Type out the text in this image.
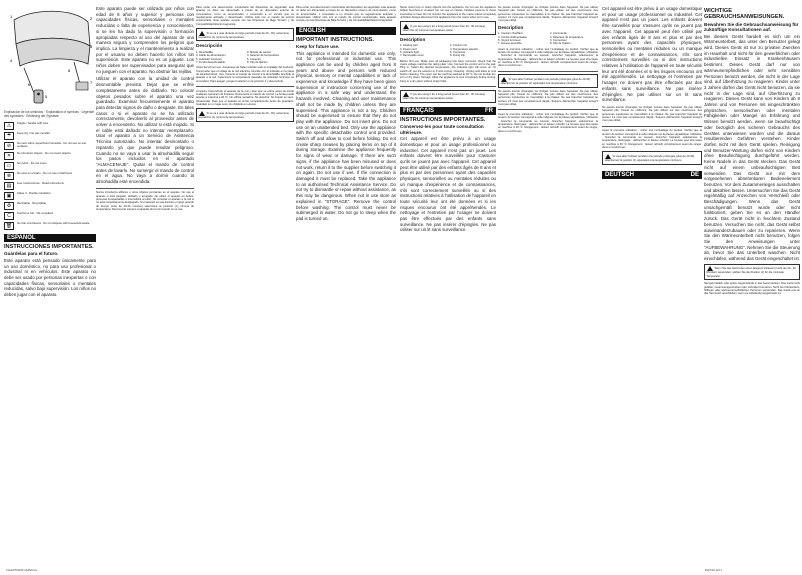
1	2
3
4
5
6	7
8
Explicación de los símbolos · Explanation of symbols · Légende des symboles · Erklärung der Symbole
⚠	Fragile / handle with care
☂	Keep dry / Ne pas mouiller
⊘	No usar sobre superficies húmedas · Do not use on wet surfaces
✕	No introducir objetos · Do not insert objects
▭	No cubrir · Do not cover
⊗	No usar en el baño · Do not use in bathroom
▤	Leer instrucciones · Read instructions
▣	Clase II · Double insulation
♻	Reciclable · Recyclable
C	Conforme CE · CE compliant
🗑	No tirar a la basura · Do not dispose with household waste
ESPAÑOL
INSTRUCCIONES IMPORTANTES.
Guárdelas para el futuro.
Este aparato está pensado únicamente para un uso doméstico, no para uso profesional o industrial ni en vehículos. Este aparato no debe ser usado por personas inexpertas o con capacidades físicas, sensoriales o mentales reducidas, salvo bajo supervisión. Los niños no deben jugar con el aparato.
Este aparato puede ser utilizado por niños con edad de 8 años y superior y personas con capacidades físicas, sensoriales o mentales reducidas o falta de experiencia y conocimiento, si se les ha dado la supervisión o formación apropiadas respecto al uso del aparato de una manera segura y comprenden los peligros que implica. La limpieza y el mantenimiento a realizar por el usuario no deben hacerlo los niños sin supervisión. Este aparato no es un juguete. Los niños deben ser supervisados para asegurar que no jueguen con el aparato. No obstruir las rejillas.
Utilizar el aparato con la unidad de control desmontable prevista. Dejar que se enfríe completamente antes de doblarlo. No colocar objetos pesados sobre el aparato una vez guardado. Examinar frecuentemente el aparato para detectar signos de daño o desgaste. En tales casos o si el aparato no se ha utilizado correctamente, devolverlo al proveedor antes de volver a encenderlo. No utilizar si está mojado. Si el cable está dañado no intentar reemplazarlo. Usar el aparato a un Servicio de Asistencia Técnica autorizado. No intentar desmontarlo o repararlo ya que puede resultar peligroso. Cuando no se vaya a usar la almohadilla seguir los pasos incluidos en el apartado "ALMACENAJE". Quitar el mando de control antes de lavarlo. No sumergir el mando de control en el agua. No vaya a dormir cuando la almohadilla esté encendida.
Nunca introduzca alfileres u otros objetos punzantes en el aparato. No use el aparato si está plegado, doblado o arrugado. No utilice el aparato en bebés, personas incapacitadas o insensibles al calor. No conectar el aparato a la red si no está completamente desplegado. Si el aparato se usa durante un largo periodo de tiempo (más de 20-30 minutos) seleccione la posición (1) mínima de temperatura. Desconecte siempre el aparato de la red cuando no se use.
Para evitar una desconexión involuntaria del dispositivo de seguridad, este aparato no debe ser alimentado a través de un dispositivo externo de conmutación, como un temporizador, o conectado a un circuito que es regularmente activado y desactivado. Utilizar sólo con el mando de control suministrado. Este aparato cumple con las Directivas de Baja Tensión y de Compatibilidad Electromagnética.
Si se va a usar durante un largo periodo (más de 20 - 30), seleccione la posición (1) mínima de temperatura.
Descripción
1. Almohadilla	2. Mando de control
3. Cable de alimentación	4. Selector de temperatura
5. Indicador luminoso	6. Conector
7. Funda desenfundable	8. Clip de fijación
Antes del primer uso: Asegúrese de haber retirado todo el embalaje del producto. Compruebe que el voltaje de la red eléctrica coincide con el indicado en la placa de características. Uso: Conecte el mando de control a la almohadilla. Enchufe el aparato a la red. Seleccione la temperatura deseada. El indicador luminoso se encenderá. Para apagar, ponga el selector en la posición 0 y desenchufe.
Limpieza: Desenchufe el aparato de la red y deje que se enfríe antes de iniciar cualquier operación de limpieza. Desconecte el mando de control. La funda puede lavarse a máquina a 30 ºC. No utilizar secadora. No planchar. No limpiar en seco. Almacenaje: Deje que el aparato se enfríe completamente antes de guardarlo. Guárdelo en un lugar seco, sin doblarlo en exceso.
Si se va a usar durante un largo periodo (más de 20 - 30), seleccione la posición (1) mínima de temperatura.
Para evitar una desconexión involuntaria del dispositivo de seguridad, este aparato no debe ser alimentado a través de un dispositivo externo de conmutación, como un temporizador, o conectado a un circuito que es regularmente activado y desactivado. Utilizar sólo con el mando de control suministrado. Este aparato cumple con las Directivas de Baja Tensión y de Compatibilidad Electromagnética.
ENGLISH
IMPORTANT INSTRUCTIONS.
Keep for future use.
This appliance is intended for domestic use only, not for professional or industrial use. This appliance can be used by children aged from 8 years and above and persons with reduced physical, sensory or mental capabilities or lack of experience and knowledge if they have been given supervision or instruction concerning use of the appliance in a safe way and understand the hazards involved. Cleaning and user maintenance shall not be made by children unless they are supervised. This appliance is not a toy. Children should be supervised to ensure that they do not play with the appliance. Do not insert pins. Do not use on an unattended bed. Only use the appliance with the specific detachable control unit provided. Switch off and allow to cool before folding. Do not create sharp creases by placing items on top of it during storage. Examine the appliance frequently for signs of wear or damage. If there are such signs, if the appliance has been misused or does not work, return it to the supplier before switching it on again. Do not use if wet. If the connection is damaged it must be replaced. Take the appliance to an authorised Technical Assistance Service. Do not try to dismantle or repair without assistance, as this may be dangerous. When not in use store as explained in "STORAGE". Remove the control before washing. The control must never be submerged in water. Do not go to sleep when the pad is turned on.
Never insert pins or sharp objects into the appliance. Do not use the appliance folded, bunched or creased. Do not use on infants, helpless persons or those insensitive to heat. Do not connect the appliance to the mains unless completely unfolded. Always disconnect the appliance from the mains when not in use.
If you are using it for a long period (more than 20 - 30 minutes), select the (1) minimum temperature option.
Description
1. Heating pad	2. Control unit
3. Power cord	4. Temperature selector
5. Indicator light	6. Connector
7. Removable cover	8. Fixing clip
Before first use: Make sure all packaging has been removed. Check that the mains voltage matches the rating plate. Use: Connect the control unit to the pad. Plug in. Select the desired temperature; the indicator light will come on. To switch off, set the selector to 0 and unplug. Cleaning: Unplug and allow to cool before cleaning. The cover can be machine-washed at 30 ºC. Do not tumble dry, iron or dry clean. Storage: Allow the appliance to cool completely before storing. Keep in a dry place without sharp folds.
If you are using it for a long period (more than 20 - 30 minutes), select the (1) minimum temperature option.
FRANÇAIS	FR
INSTRUCTIONS IMPORTANTES.
Conservez-les pour toute consultation ultérieure.
Cet appareil est être prévu à un usage domestique et pour un usage professionnel ou industriel. Cet appareil n'est pas un jouet. Les enfants doivent être surveillés pour s'assurer qu'ils ne jouent pas avec l'appareil. Cet appareil peut être utilisé par des enfants âgés de 8 ans et plus et par des personnes ayant des capacités physiques, sensorielles ou mentales réduites ou un manque d'expérience et de connaissances, s'ils sont correctement surveillés ou si des instructions relatives à l'utilisation de l'appareil en toute sécurité leur ont été données et si les risques encourus ont été appréhendés. Le nettoyage et l'entretien par l'usager ne doivent pas être effectués par des enfants sans surveillance. Ne pas insérer d'épingles. Ne pas utiliser sur un lit sans surveillance.
Ne jamais insérer d'épingles ou d'objets pointus dans l'appareil. Ne pas utiliser l'appareil plié, froissé ou chiffonné. Ne pas utiliser sur des nourrissons, des personnes impotentes ou insensibles à la chaleur. Ne pas brancher l'appareil au secteur s'il n'est pas complètement déplié. Toujours débrancher l'appareil lorsqu'il n'est pas utilisé.
Description
1. Coussin chauffant	2. Commande
3. Cordon d'alimentation	4. Sélecteur de température
5. Voyant lumineux	6. Connecteur
7. Housse amovible	8. Clip de fixation
Avant la première utilisation : retirer tout l'emballage du produit. Vérifier que la tension du secteur correspond à celle indiquée sur la plaque signalétique. Utilisation : brancher la commande au coussin, brancher l'appareil, sélectionner la température. Nettoyage : débrancher et laisser refroidir. La housse peut être lavée en machine à 30 ºC. Rangement : laisser refroidir complètement avant de ranger, dans un endroit sec.
Si vous allez l'utiliser pendant une période prolongée (plus de 20-30), sélectionnez la position (1) équivalant à la température minimum.
Ne jamais insérer d'épingles ou d'objets pointus dans l'appareil. Ne pas utiliser l'appareil plié, froissé ou chiffonné. Ne pas utiliser sur des nourrissons, des personnes impotentes ou insensibles à la chaleur. Ne pas brancher l'appareil au secteur s'il n'est pas complètement déplié. Toujours débrancher l'appareil lorsqu'il n'est pas utilisé.
Avant la première utilisation : retirer tout l'emballage du produit. Vérifier que la tension du secteur correspond à celle indiquée sur la plaque signalétique. Utilisation : brancher la commande au coussin, brancher l'appareil, sélectionner la température. Nettoyage : débrancher et laisser refroidir. La housse peut être lavée en machine à 30 ºC. Rangement : laisser refroidir complètement avant de ranger, dans un endroit sec.
Cet appareil est être prévu à un usage domestique et pour un usage professionnel ou industriel. Cet appareil n'est pas un jouet. Les enfants doivent être surveillés pour s'assurer qu'ils ne jouent pas avec l'appareil. Cet appareil peut être utilisé par des enfants âgés de 8 ans et plus et par des personnes ayant des capacités physiques, sensorielles ou mentales réduites ou un manque d'expérience et de connaissances, s'ils sont correctement surveillés ou si des instructions relatives à l'utilisation de l'appareil en toute sécurité leur ont été données et si les risques encourus ont été appréhendés. Le nettoyage et l'entretien par l'usager ne doivent pas être effectués par des enfants sans surveillance. Ne pas insérer d'épingles. Ne pas utiliser sur un lit sans surveillance.
Ne jamais insérer d'épingles ou d'objets pointus dans l'appareil. Ne pas utiliser l'appareil plié, froissé ou chiffonné. Ne pas utiliser sur des nourrissons, des personnes impotentes ou insensibles à la chaleur. Ne pas brancher l'appareil au secteur s'il n'est pas complètement déplié. Toujours débrancher l'appareil lorsqu'il n'est pas utilisé.
Avant la première utilisation : retirer tout l'emballage du produit. Vérifier que la tension du secteur correspond à celle indiquée sur la plaque signalétique. Utilisation : brancher la commande au coussin, brancher l'appareil, sélectionner la température. Nettoyage : débrancher et laisser refroidir. La housse peut être lavée en machine à 30 ºC. Rangement : laisser refroidir complètement avant de ranger, dans un endroit sec.
Si vous allez l'utiliser pendant une période prolongée (plus de 20-30), sélectionnez la position (1) équivalant à la température minimum.
DEUTSCH	DE
WICHTIGE GEBRAUCHSANWEISUNGEN.
Bewahren Sie die Gebrauchsanweisung für zukünftige Konsultationen auf.
Bei diesem Gerät handelt es sich um ein Wärmeunterbett, das unter den Benutzer gelegt wird. Dieses Gerät ist nur zu privaten Zwecken im Haushalt und nicht für den gewerblichen oder industriellen Einsatz in Krankenhäusern bestimmt. Dieses Gerät darf nur von wärmeunempfindlichen oder sehr sensiblen Personen benutzt werden, die nicht in der Lage sind, auf Überhitzung zu reagieren. Kinder unter 3 Jahren dürfen das Gerät nicht benutzen, da sie nicht in der Lage sind, auf Überhitzung zu reagieren. Dieses Gerät kann von Kindern ab 8 Jahren und von Personen mit eingeschränkten physischen, sensorischen oder mentalen Fähigkeiten oder Mangel an Erfahrung und Wissen benutzt werden, wenn sie beaufsichtigt oder bezüglich des sicheren Gebrauchs des Gerätes unterwiesen wurden und die daraus resultierenden Gefahren verstehen. Kinder dürfen nicht mit dem Gerät spielen. Reinigung und Benutzer-Wartung dürfen nicht von Kindern ohne Beaufsichtigung durchgeführt werden. Keine Nadeln in das Gerät stecken. Das Gerät nicht auf einem unbeaufsichtigten Bett verwenden. Das Gerät nur mit dem vorgesehenen abnehmbaren Bedienelement benutzen. Vor dem Zusammenlegen ausschalten und abkühlen lassen. Untersuchen Sie das Gerät regelmäßig auf Anzeichen von Verschleiß oder Beschädigungen. Wenn das Gerät unsachgemäß benutzt wurde oder nicht funktioniert, geben Sie es an den Händler zurück. Das Gerät nicht in feuchtem Zustand benutzen. Versuchen Sie nicht, das Gerät selbst auseinanderzubauen oder zu reparieren. Wenn Sie den Wärmeunterbett nicht benutzen, folgen Sie den Anweisungen unter "AUFBEWAHRUNG". Nehmen Sie die Steuerung ab, bevor Sie das Unterbett waschen. Nicht einschlafen, während das Gerät eingeschaltet ist.
Wenn Sie das Gerät über einen längeren Zeitraum (mehr als 20 - 30 Minuten) verwenden, wählen Sie die Position (1) für die minimale Temperatur.
Niemals Nadeln oder spitze Gegenstände in das Gerät stecken. Das Gerät nicht gefaltet, zusammengeschoben oder zerknittert benutzen. Nicht bei Kleinkindern, hilflosen oder wärmeunempfindlichen Personen verwenden. Das Gerät erst an das Stromnetz anschließen, wenn es vollständig ausgebreitet ist.
CALENTADOR CERVICAL ·	30/07/18 12:17
